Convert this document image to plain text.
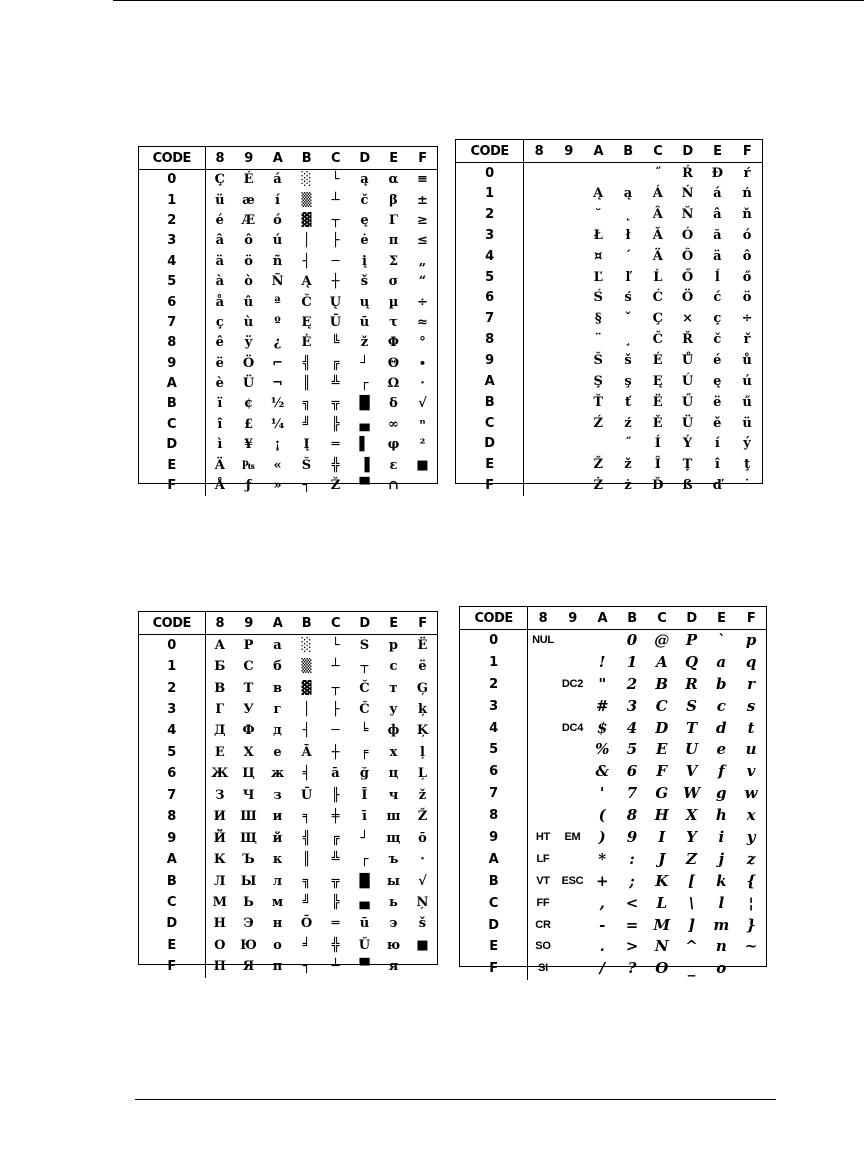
CODE	8	9	A	B	C	D	E	F
0	Ç	É	á	░	└	ą	α	≡
1	ü	æ	í	▒	┴	č	β	±
2	é	Æ	ó	▓	┬	ę	Γ	≥
3	â	ô	ú	│	├	ė	π	≤
4	ä	ö	ñ	┤	─	į	Σ	„
5	à	ò	Ñ	Ą	┼	š	σ	“
6	å	û	ª	Č	Ų	ų	µ	÷
7	ç	ù	º	Ę	Ū	ū	τ	≈
8	ê	ÿ	¿	Ė	╚	ž	Φ	°
9	ë	Ö	⌐	╣	╔	┘	Θ	∙
A	è	Ü	¬	║	╩	┌	Ω	·
B	ï	¢	½	╗	╦	█	δ	√
C	î	£	¼	╝	╠	▄	∞	ⁿ
D	ì	¥	¡	Į	═	▌	φ	²
E	Ä	₧	«	Š	╬	▐	ε	■
F	Å	ƒ	»	┐	Ž	▀	∩	
CODE	8	9	A	B	C	D	E	F
0					˝	Ŕ	Đ	ŕ
1			Ą	ą	Á	Ń	á	ń
2			˘	˛	Â	Ň	â	ň
3			Ł	ł	Ă	Ó	ă	ó
4			¤	´	Ä	Ô	ä	ô
5			Ľ	ľ	Ĺ	Ő	ĺ	ő
6			Ś	ś	Ć	Ö	ć	ö
7			§	ˇ	Ç	×	ç	÷
8			¨	¸	Č	Ř	č	ř
9			Š	š	É	Ů	é	ů
A			Ş	ş	Ę	Ú	ę	ú
B			Ť	ť	Ë	Ű	ë	ű
C			Ź	ź	Ě	Ü	ě	ü
D				˝	Í	Ý	í	ý
E			Ž	ž	Î	Ţ	î	ţ
F			Ż	ż	Ď	ß	ď	˙
CODE	8	9	A	B	C	D	E	F
0	А	Р	а	░	└	Ѕ	р	Ё
1	Б	С	б	▒	┴	┬	с	ё
2	В	Т	в	▓	┬	Č	т	Ģ
3	Г	У	г	│	├	Č	у	ķ
4	Д	Ф	д	┤	─	╘	ф	Ķ
5	Е	Х	е	Ā	┼	╒	х	ļ
6	Ж	Ц	ж	╡	ā	ğ	ц	Ļ
7	З	Ч	з	Ū	╟	Ī	ч	ž
8	И	Ш	и	╕	╪	ī	ш	Ž
9	Й	Щ	й	╣	╔	┘	щ	ō
A	К	Ъ	к	║	╩	┌	ъ	·
B	Л	Ы	л	╗	╦	█	ы	√
C	М	Ь	м	╝	╠	▄	ь	Ņ
D	Н	Э	н	Ō	═	ū	э	š
E	О	Ю	о	╛	╬	Ŭ	ю	■
F	П	Я	п	┐	┴	▀	я	
CODE	8	9	A	B	C	D	E	F
0	NUL			0	@	P	`	p
1			!	1	A	Q	a	q
2		DC2	"	2	B	R	b	r
3			#	3	C	S	c	s
4		DC4	$	4	D	T	d	t
5			%	5	E	U	e	u
6			&	6	F	V	f	v
7			'	7	G	W	g	w
8			(	8	H	X	h	x
9	HT	EM	)	9	I	Y	i	y
A	LF		*	:	J	Z	j	z
B	VT	ESC	+	;	K	[	k	{
C	FF		,	<	L	\	l	¦
D	CR		-	=	M	]	m	}
E	SO		.	>	N	^	n	~
F	SI		/	?	O	_	o	
